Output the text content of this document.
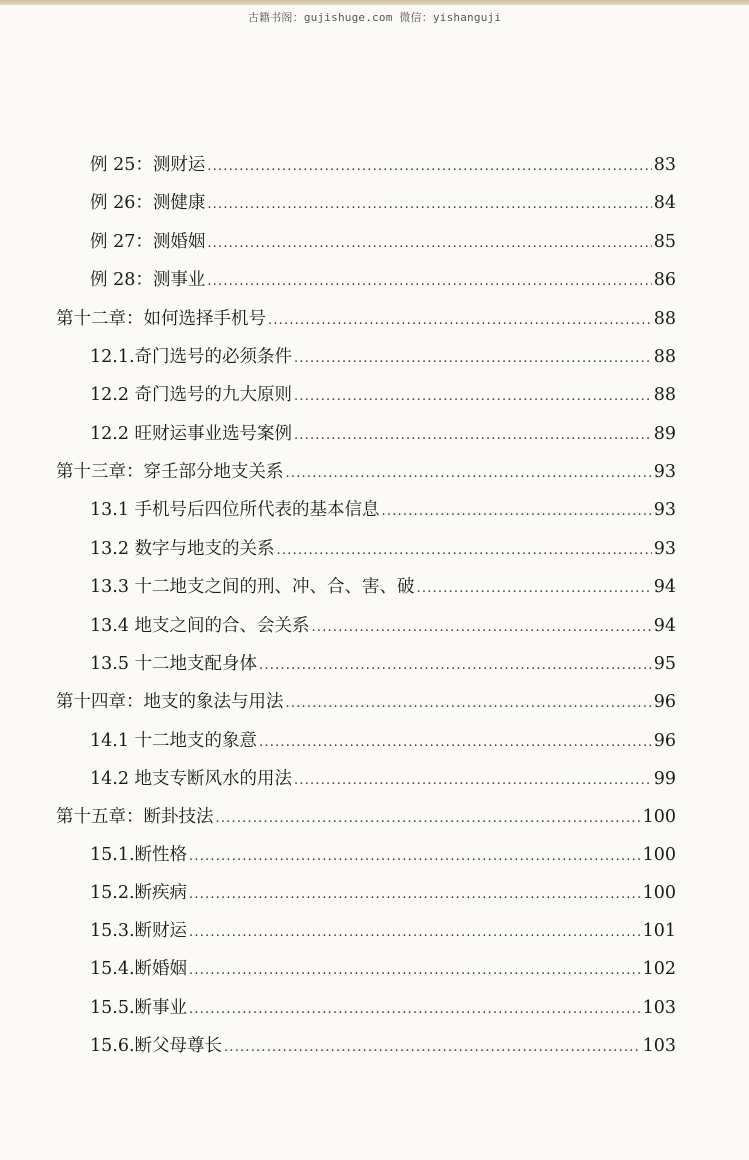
古籍书阁：gujishuge.com 微信：yishanguji
例 25：测财运 .....	83
例 26：测健康 .....	84
例 27：测婚姻 .....	85
例 28：测事业 .....	86
第十二章：如何选择手机号 .....	88
12.1.奇门选号的必须条件 .....	88
12.2 奇门选号的九大原则 .....	88
12.2 旺财运事业选号案例 .....	89
第十三章：穿壬部分地支关系 .....	93
13.1 手机号后四位所代表的基本信息 .....	93
13.2 数字与地支的关系 .....	93
13.3 十二地支之间的刑、冲、合、害、破 .....	94
13.4 地支之间的合、会关系 .....	94
13.5 十二地支配身体 .....	95
第十四章：地支的象法与用法 .....	96
14.1 十二地支的象意 .....	96
14.2 地支专断风水的用法 .....	99
第十五章：断卦技法 .....	100
15.1.断性格 .....	100
15.2.断疾病 .....	100
15.3.断财运 .....	101
15.4.断婚姻 .....	102
15.5.断事业 .....	103
15.6.断父母尊长 .....	103
